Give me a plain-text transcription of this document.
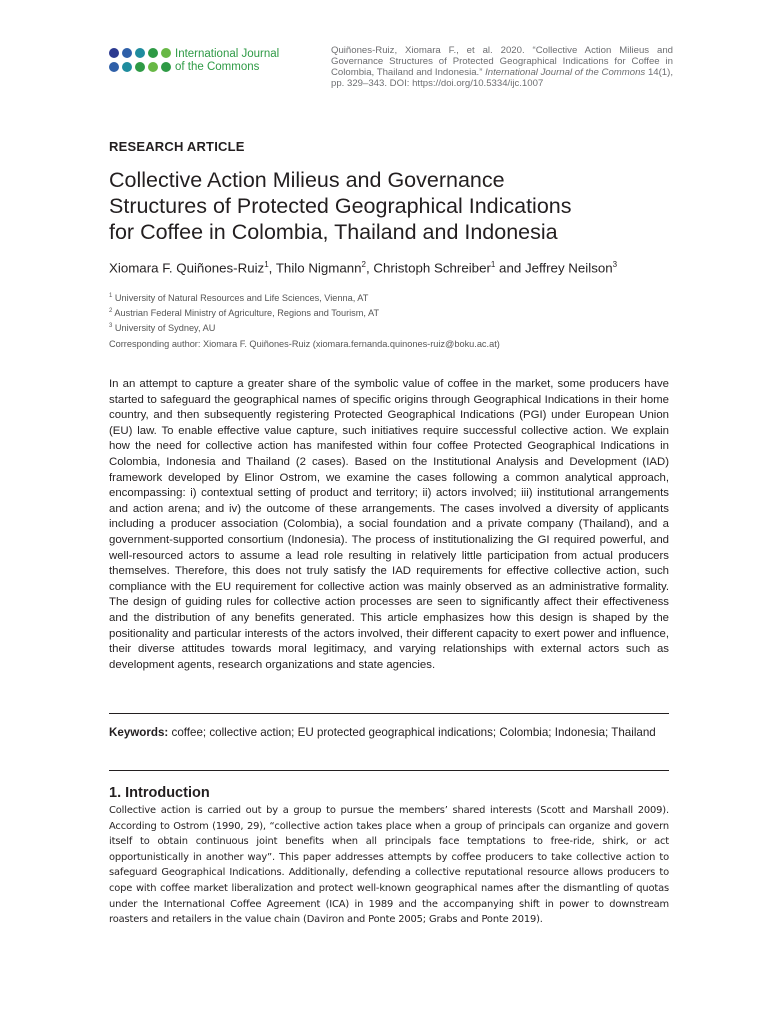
International Journal
of the Commons
Quiñones-Ruiz, Xiomara F., et al. 2020. “Collective Action Milieus and Governance Structures of Protected Geographical Indications for Coffee in Colombia, Thailand and Indonesia.” International Journal of the Commons 14(1), pp. 329–343. DOI: https://doi.org/10.5334/ijc.1007
RESEARCH ARTICLE
Collective Action Milieus and Governance
Structures of Protected Geographical Indications
for Coffee in Colombia, Thailand and Indonesia
Xiomara F. Quiñones-Ruiz$^1$, Thilo Nigmann$^2$, Christoph Schreiber$^1$ and Jeffrey Neilson$^3$
$^1$ University of Natural Resources and Life Sciences, Vienna, AT
$^2$ Austrian Federal Ministry of Agriculture, Regions and Tourism, AT
$^3$ University of Sydney, AU
Corresponding author: Xiomara F. Quiñones-Ruiz (xiomara.fernanda.quinones-ruiz@boku.ac.at)
In an attempt to capture a greater share of the symbolic value of coffee in the market, some producers have started to safeguard the geographical names of specific origins through Geographical Indications in their home country, and then subsequently registering Protected Geographical Indications (PGI) under European Union (EU) law. To enable effective value capture, such initiatives require successful collective action. We explain how the need for collective action has manifested within four coffee Protected Geographical Indications in Colombia, Indonesia and Thailand (2 cases). Based on the Institutional Analysis and Development (IAD) framework developed by Elinor Ostrom, we examine the cases following a common analytical approach, encompassing: i) contextual setting of product and territory; ii) actors involved; iii) institutional arrangements and action arena; and iv) the outcome of these arrangements. The cases involved a diversity of applicants including a producer association (Colombia), a social foundation and a private company (Thailand), and a government-supported consortium (Indonesia). The process of institutionalizing the GI required powerful, and well-resourced actors to assume a lead role resulting in relatively little participation from actual producers themselves. Therefore, this does not truly satisfy the IAD requirements for effective collective action, such compliance with the EU requirement for collective action was mainly observed as an administrative formality. The design of guiding rules for collective action processes are seen to significantly affect their effectiveness and the distribution of any benefits generated. This article emphasizes how this design is shaped by the positionality and particular interests of the actors involved, their different capacity to exert power and influence, their diverse attitudes towards moral legitimacy, and varying relationships with external actors such as development agents, research organizations and state agencies.
Keywords: coffee; collective action; EU protected geographical indications; Colombia; Indonesia; Thailand
1. Introduction
Collective action is carried out by a group to pursue the members’ shared interests (Scott and Marshall 2009). According to Ostrom (1990, 29), “collective action takes place when a group of principals can organize and govern itself to obtain continuous joint benefits when all principals face temptations to free-ride, shirk, or act opportunistically in another way”. This paper addresses attempts by coffee producers to take collective action to safeguard Geographical Indications. Additionally, defending a collective reputational resource allows producers to cope with coffee market liberalization and protect well-known geographical names after the dismantling of quotas under the International Coffee Agreement (ICA) in 1989 and the accompanying shift in power to downstream roasters and retailers in the value chain (Daviron and Ponte 2005; Grabs and Ponte 2019).
